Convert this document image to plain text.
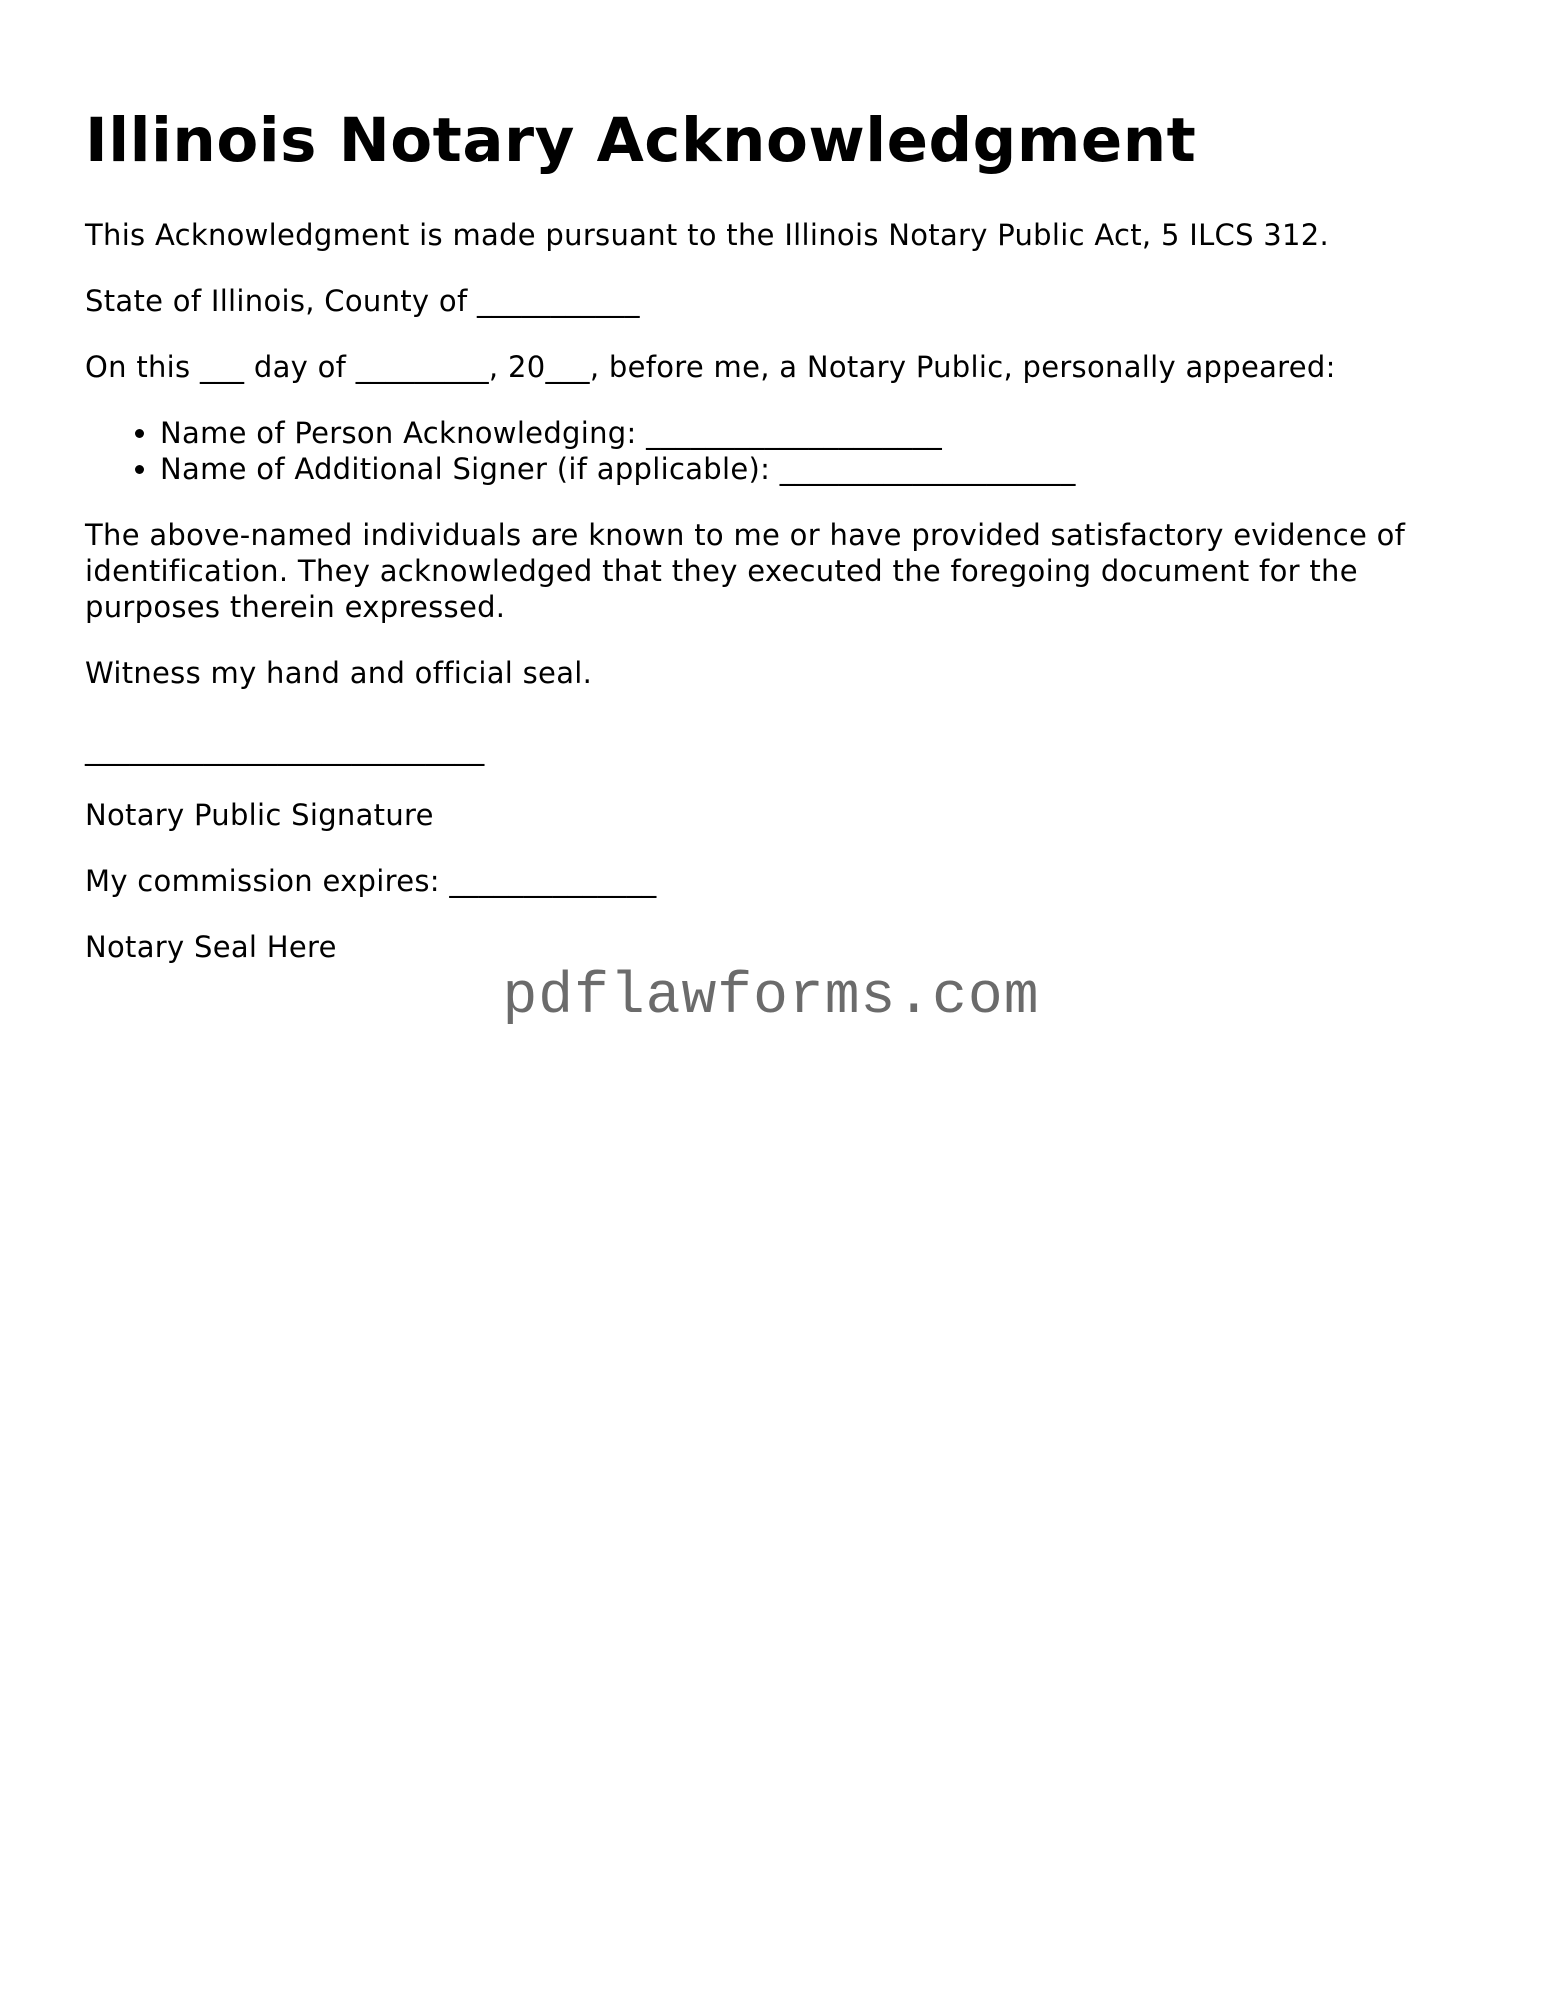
Illinois Notary Acknowledgment

This Acknowledgment is made pursuant to the Illinois Notary Public Act, 5 ILCS 312.

State of Illinois, County of ___________

On this ___ day of _________, 20___, before me, a Notary Public, personally appeared:

• Name of Person Acknowledging: ____________________
• Name of Additional Signer (if applicable): ____________________

The above-named individuals are known to me or have provided satisfactory evidence of identification. They acknowledged that they executed the foregoing document for the purposes therein expressed.

Witness my hand and official seal.

___________________________

Notary Public Signature

My commission expires: ______________

Notary Seal Here

pdflawforms.com
